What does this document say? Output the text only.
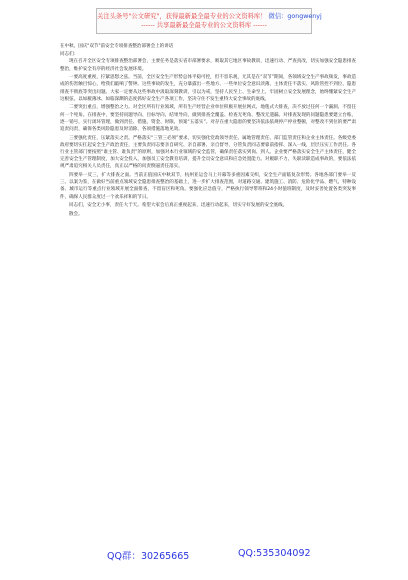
关注头条号"公文研究"，获得最新最全最专业的公文资料库！ 微信：gongwenyj
------ 共享最新最全最专业的公文资料库 ------

在中秋、国庆"双节"前安全专项排查整治部署会上的讲话

同志们：

现在召开全区安全专项排查整治部署会，主要任务是落实省市部署要求，吸取其它地区事故教训，迅速行动、严查真改，切实加强安全隐患排查整治，维护安全有序的经济社会发展环境。

一要高度重视，拧紧思想之弦。当前，全区安全生产形势总体平稳可控，但不容乐观，尤其是在“双节”期间，各领域安全生产事故频发，事故造成的伤害触目惊心，给我们敲响了警钟。这些事故的发生，充分暴露出一些地方、一些单位安全意识淡薄、主体责任不落实、风险管控不到位、隐患排查不彻底等突出问题。大家一定要从这些事故中汲取深刻教训，引以为戒，坚持人民至上、生命至上，牢固树立安全发展理念，始终绷紧安全生产这根弦，以如履薄冰、如临深渊的态度抓好安全生产各项工作，坚决守住不发生重特大安全事故的底线。

二要突出重点，增强整治之力。对全区所有行业领域、所有生产经营企业单位积极开展拉网式、地毯式大排查，决不放过任何一个漏洞、不留任何一个死角。在排查中，要坚持问题导向、目标导向、结果导向，做到排查全覆盖、检查无死角、整改无遗漏。对排查发现的问题隐患要建立台账、逐一销号，实行闭环管理，做到责任、措施、资金、时限、预案“五落实”。对存在重大隐患的要坚决依法依规停产停业整顿，对整改不到位的要严肃追责问责，确保各类风险隐患及时消除、各项措施落地见效。

三要强化责任，压紧落实之责。严格落实“三管三必须”要求，切实强化党政领导责任、属地管理责任、部门监管责任和企业主体责任。各级党委政府要切实扛起安全生产政治责任，主要负责同志要亲自研究、亲自部署、亲自督导，分管负责同志要靠前指挥、深入一线，层层压实工作责任。各行业主管部门要按照“谁主管、谁负责”的原则，加强对本行业领域的安全监管，确保责任落实到岗、到人。企业要严格落实安全生产主体责任，健全完善安全生产管理制度，加大安全投入，加强员工安全教育培训，提升全员安全意识和应急处置能力。对履职不力、失职渎职造成事故的，要依法依规严肃追究相关人员责任，真正以严格的问责倒逼责任落实。

四要举一反三，扩大排查之面。当前正值国庆中秋双节，杭州亚运会马上开幕等多重因素交织，安全生产面临复杂形势。各地各部门要举一反三、以案为鉴，在做好当前重点领域安全隐患排查整治的基础上，进一步扩大排查范围，对道路交通、建筑施工、消防、危险化学品、燃气、特种设备、城市运行等重点行业领域开展全面排查，不留盲区和死角。要强化应急值守，严格执行领导带班和24小时值班制度，及时妥善处置各类突发事件，确保人民群众度过一个欢乐祥和的节日。

同志们，安全无小事，责任大于天。希望大家会后真正重视起来，迅速行动起来，切实守好发展的安全底线。

散会。

QQ群：30265665	QQ:535304092
